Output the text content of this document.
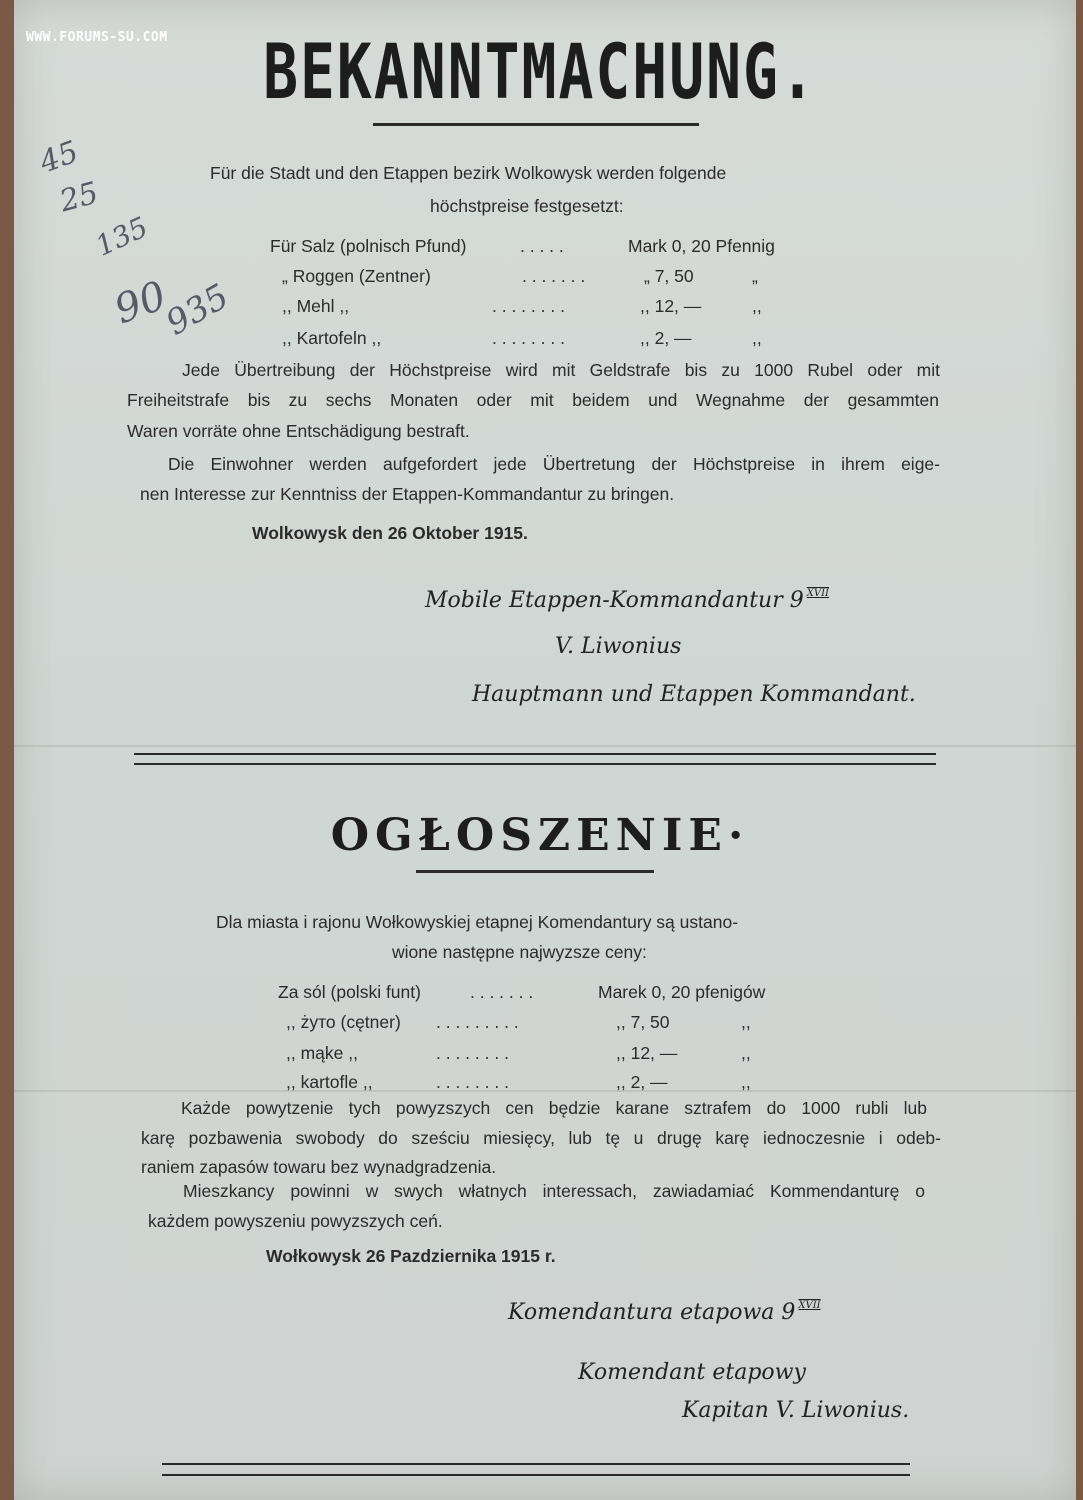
WWW.FORUMS-SU.COM
45
25
135
90
935
BEKANNTMACHUNG.
Für die Stadt und den Etappen bezirk Wolkowysk werden folgende
höchstpreise festgesetzt:
Für Salz (polnisch Pfund)	. . . . .	Mark 0, 20 Pfennig
„ Roggen (Zentner)	. . . . . . .	„ 7, 50	„
,, Mehl ,,	. . . . . . . .	,, 12, —	,,
,, Kartofeln ,,	. . . . . . . .	,, 2, —	,,
Jede Übertreibung der Höchstpreise wird mit Geldstrafe bis zu 1000 Rubel oder mit
Freiheitstrafe bis zu sechs Monaten oder mit beidem und Wegnahme der gesammten
Waren vorräte ohne Entschädigung bestraft.
Die Einwohner werden aufgefordert jede Übertretung der Höchstpreise in ihrem eige-
nen Interesse zur Kenntniss der Etappen-Kommandantur zu bringen.
Wolkowysk den 26 Oktober 1915.
Mobile Etappen-Kommandantur 9 $^{XVII}$
V. Liwonius
Hauptmann und Etappen Kommandant.
OGŁOSZENIE·
Dla miasta i rajonu Wołkowyskiej etapnej Komendantury są ustano-
wione następne najwyzsze ceny:
Za sól (polski funt)	. . . . . . .	Marek 0, 20 pfenigów
,, żyто (cętner) . . . . . . . . .	,, 7, 50	,,
,, mąke ,,	. . . . . . . .	,, 12, —	,,
,, kartofle ,,	. . . . . . . .	,, 2, —	,,
Każde powytzenie tych powyzszych cen będzie karane sztrafem do 1000 rubli lub
karę pozbawenia swobody do sześciu miesięcy, lub tę u drugę karę iednoczesnie i odeb-
raniem zapasów towaru bez wynadgradzenia.
Mieszkancy powinni w swych włatnych interessach, zawiadamiać Kommendanturę o
każdem powyszeniu powyzszych ceń.
Wołkowysk 26 Pazdziernika 1915 r.
Komendantura etapowa 9 $^{XVII}$
Komendant etapowy
Kapitan V. Liwonius.
